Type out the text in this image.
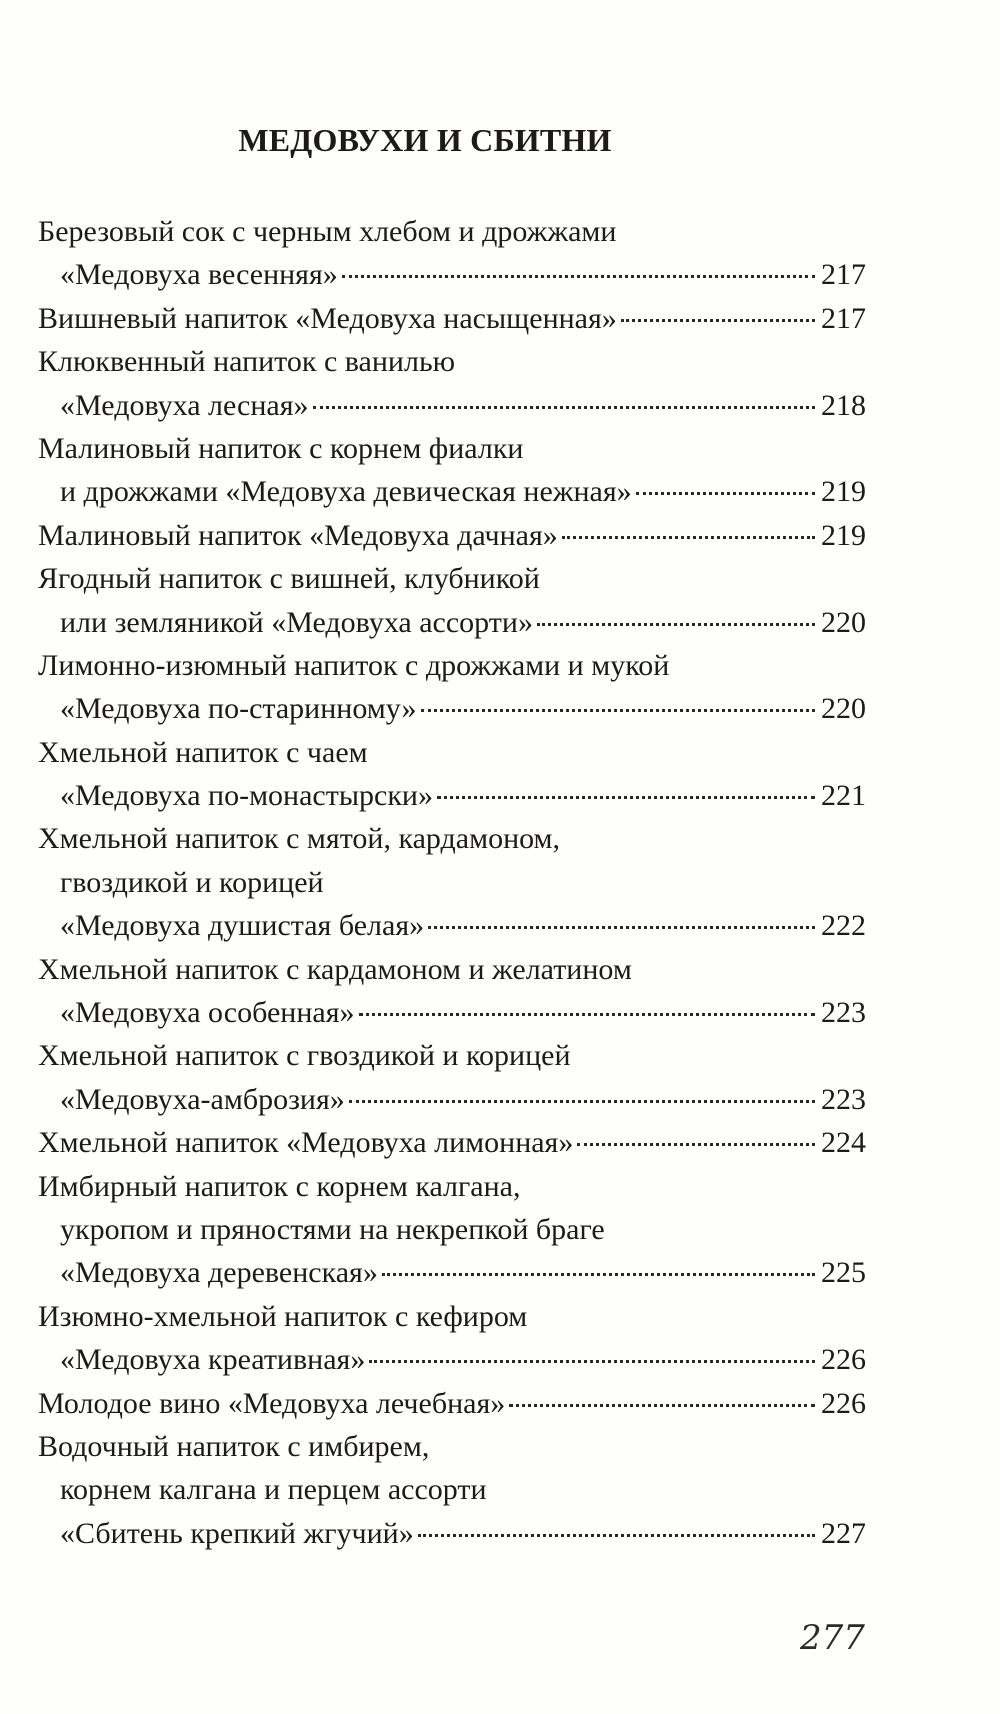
МЕДОВУХИ И СБИТНИ
Березовый сок с черным хлебом и дрожжами
«Медовуха весенняя»	217
Вишневый напиток «Медовуха насыщенная»	217
Клюквенный напиток с ванилью
«Медовуха лесная»	218
Малиновый напиток с корнем фиалки
и дрожжами «Медовуха девическая нежная»	219
Малиновый напиток «Медовуха дачная»	219
Ягодный напиток с вишней, клубникой
или земляникой «Медовуха ассорти»	220
Лимонно-изюмный напиток с дрожжами и мукой
«Медовуха по-старинному»	220
Хмельной напиток с чаем
«Медовуха по-монастырски»	221
Хмельной напиток с мятой, кардамоном,
гвоздикой и корицей
«Медовуха душистая белая»	222
Хмельной напиток с кардамоном и желатином
«Медовуха особенная»	223
Хмельной напиток с гвоздикой и корицей
«Медовуха-амброзия»	223
Хмельной напиток «Медовуха лимонная»	224
Имбирный напиток с корнем калгана,
укропом и пряностями на некрепкой браге
«Медовуха деревенская»	225
Изюмно-хмельной напиток с кефиром
«Медовуха креативная»	226
Молодое вино «Медовуха лечебная»	226
Водочный напиток с имбирем,
корнем калгана и перцем ассорти
«Сбитень крепкий жгучий»	227
277
